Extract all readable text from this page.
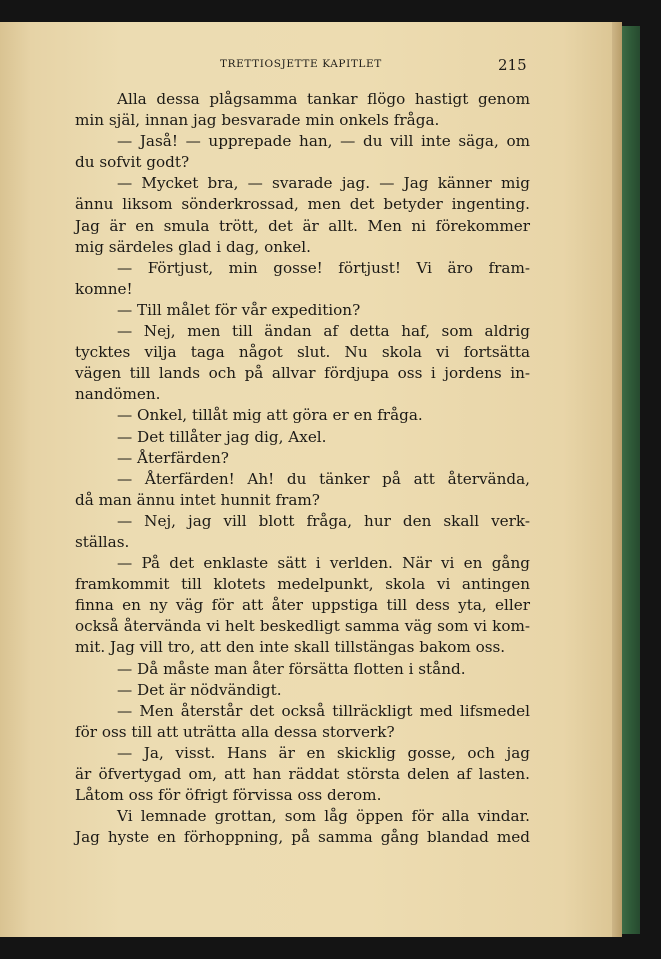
TRETTIOSJETTE KAPITLET	215
Alla dessa plågsamma tankar flögo hastigt genom
min själ, innan jag besvarade min onkels fråga.
— Jaså! — upprepade han, — du vill inte säga, om
du sofvit godt?
— Mycket bra, — svarade jag. — Jag känner mig
ännu liksom sönderkrossad, men det betyder ingenting.
Jag är en smula trött, det är allt. Men ni förekommer
mig särdeles glad i dag, onkel.
— Förtjust, min gosse! förtjust! Vi äro fram-
komne!
— Till målet för vår expedition?
— Nej, men till ändan af detta haf, som aldrig
tycktes vilja taga något slut. Nu skola vi fortsätta
vägen till lands och på allvar fördjupa oss i jordens in-
nandömen.
— Onkel, tillåt mig att göra er en fråga.
— Det tillåter jag dig, Axel.
— Återfärden?
— Återfärden! Ah! du tänker på att återvända,
då man ännu intet hunnit fram?
— Nej, jag vill blott fråga, hur den skall verk-
ställas.
— På det enklaste sätt i verlden. När vi en gång
framkommit till klotets medelpunkt, skola vi antingen
finna en ny väg för att åter uppstiga till dess yta, eller
också återvända vi helt beskedligt samma väg som vi kom-
mit. Jag vill tro, att den inte skall tillstängas bakom oss.
— Då måste man åter försätta flotten i stånd.
— Det är nödvändigt.
— Men återstår det också tillräckligt med lifsmedel
för oss till att uträtta alla dessa storverk?
— Ja, visst. Hans är en skicklig gosse, och jag
är öfvertygad om, att han räddat största delen af lasten.
Låtom oss för öfrigt förvissa oss derom.
Vi lemnade grottan, som låg öppen för alla vindar.
Jag hyste en förhoppning, på samma gång blandad med
